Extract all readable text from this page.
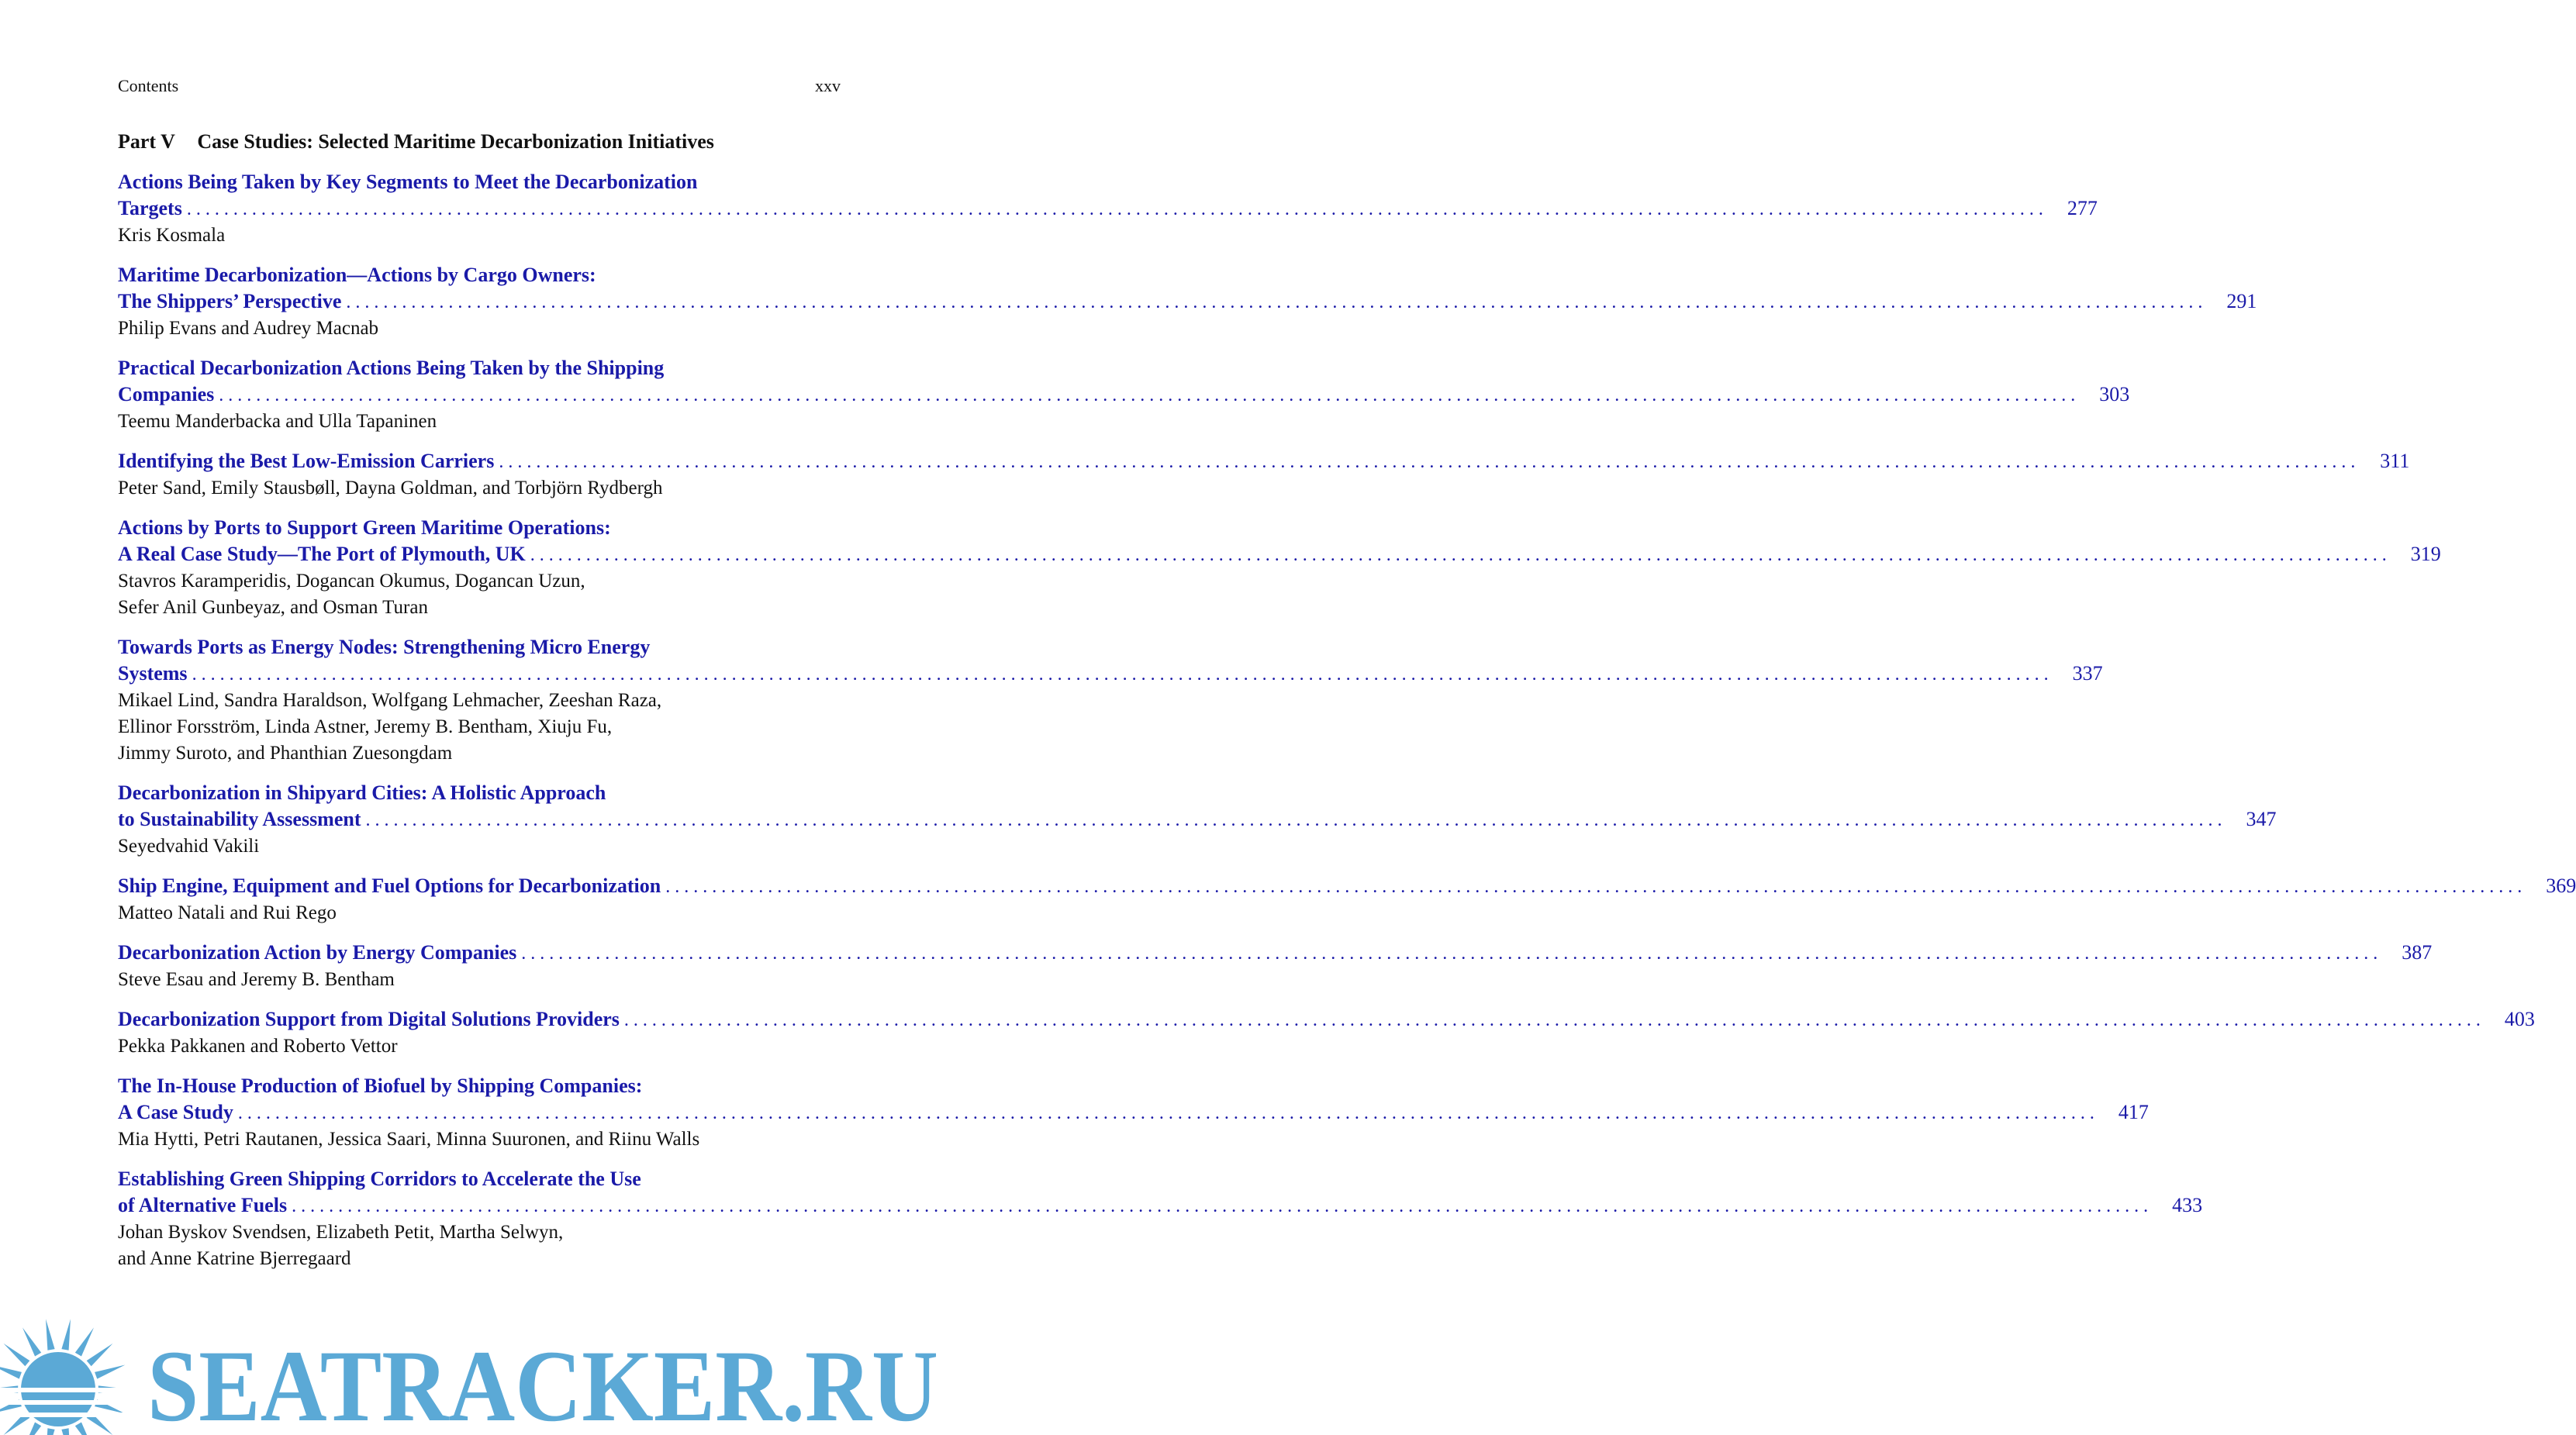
Contents	xxv
Part V Case Studies: Selected Maritime Decarbonization Initiatives
Actions Being Taken by Key Segments to Meet the Decarbonization
Targets ........................................................................................................................................................................................................ 277
Kris Kosmala
Maritime Decarbonization—Actions by Cargo Owners:
The Shippers’ Perspective ........................................................................................................................................................................................................ 291
Philip Evans and Audrey Macnab
Practical Decarbonization Actions Being Taken by the Shipping
Companies ........................................................................................................................................................................................................ 303
Teemu Manderbacka and Ulla Tapaninen
Identifying the Best Low-Emission Carriers ........................................................................................................................................................................................................ 311
Peter Sand, Emily Stausbøll, Dayna Goldman, and Torbjörn Rydbergh
Actions by Ports to Support Green Maritime Operations:
A Real Case Study—The Port of Plymouth, UK ........................................................................................................................................................................................................ 319
Stavros Karamperidis, Dogancan Okumus, Dogancan Uzun,
Sefer Anil Gunbeyaz, and Osman Turan
Towards Ports as Energy Nodes: Strengthening Micro Energy
Systems ........................................................................................................................................................................................................ 337
Mikael Lind, Sandra Haraldson, Wolfgang Lehmacher, Zeeshan Raza,
Ellinor Forsström, Linda Astner, Jeremy B. Bentham, Xiuju Fu,
Jimmy Suroto, and Phanthian Zuesongdam
Decarbonization in Shipyard Cities: A Holistic Approach
to Sustainability Assessment ........................................................................................................................................................................................................ 347
Seyedvahid Vakili
Ship Engine, Equipment and Fuel Options for Decarbonization ........................................................................................................................................................................................................ 369
Matteo Natali and Rui Rego
Decarbonization Action by Energy Companies ........................................................................................................................................................................................................ 387
Steve Esau and Jeremy B. Bentham
Decarbonization Support from Digital Solutions Providers ........................................................................................................................................................................................................ 403
Pekka Pakkanen and Roberto Vettor
The In-House Production of Biofuel by Shipping Companies:
A Case Study ........................................................................................................................................................................................................ 417
Mia Hytti, Petri Rautanen, Jessica Saari, Minna Suuronen, and Riinu Walls
Establishing Green Shipping Corridors to Accelerate the Use
of Alternative Fuels ........................................................................................................................................................................................................ 433
Johan Byskov Svendsen, Elizabeth Petit, Martha Selwyn,
and Anne Katrine Bjerregaard
SEATRACKER.RU
